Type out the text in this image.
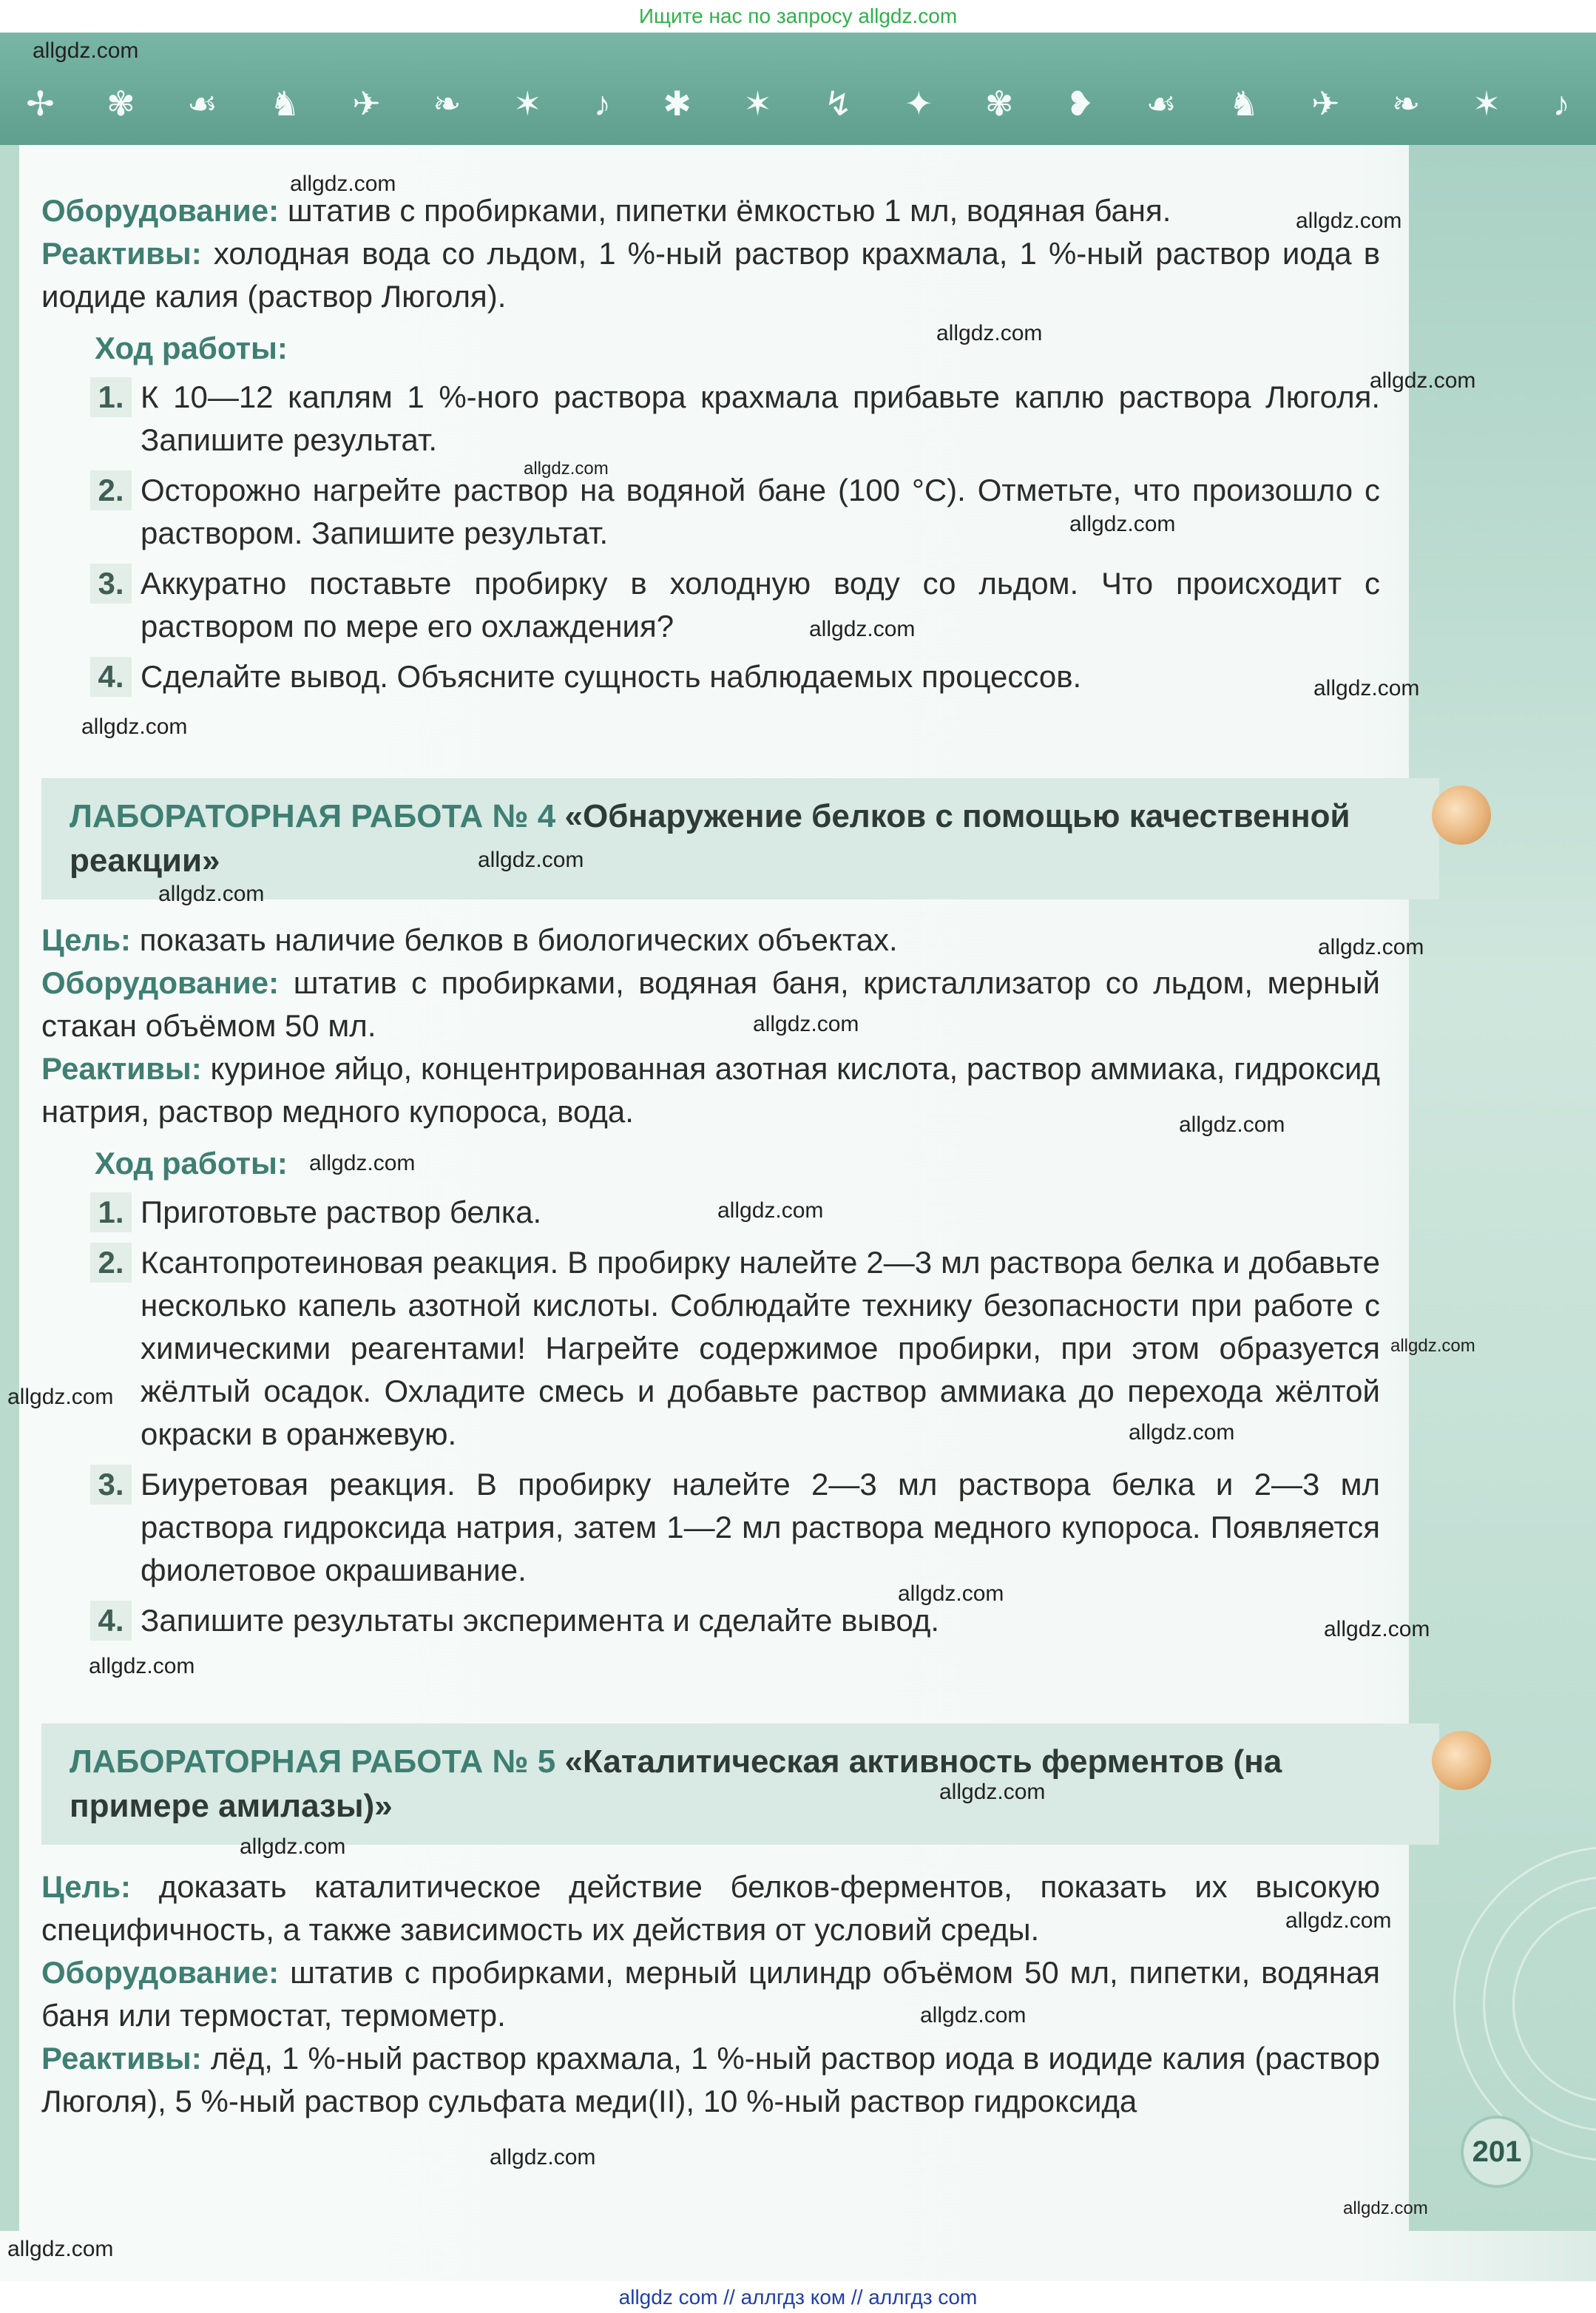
Ищите нас по запросу allgdz.com
✢ ✾ ☙ ♞ ✈ ❧ ✶ ♪ ✱ ✶ ↯ ✦ ✾ ❥ ☙ ♞ ✈ ❧ ✶ ♪

Оборудование: штатив с пробирками, пипетки ёмкостью 1 мл, водяная баня.

Реактивы: холодная вода со льдом, 1 %-ный раствор крахмала, 1 %-ный раствор иода в иодиде калия (раствор Люголя).

Ход работы:
1. К 10—12 каплям 1 %-ного раствора крахмала прибавьте каплю раствора Люголя. Запишите результат.
2. Осторожно нагрейте раствор на водяной бане (100 °C). Отметьте, что произошло с раствором. Запишите результат.
3. Аккуратно поставьте пробирку в холодную воду со льдом. Что происходит с раствором по мере его охлаждения?
4. Сделайте вывод. Объясните сущность наблюдаемых процессов.
ЛАБОРАТОРНАЯ РАБОТА № 4 «Обнаружение белков с помощью качественной реакции»

Цель: показать наличие белков в биологических объектах.

Оборудование: штатив с пробирками, водяная баня, кристаллизатор со льдом, мерный стакан объёмом 50 мл.

Реактивы: куриное яйцо, концентрированная азотная кислота, раствор аммиака, гидроксид натрия, раствор медного купороса, вода.

Ход работы:
1. Приготовьте раствор белка.
2. Ксантопротеиновая реакция. В пробирку налейте 2—3 мл раствора белка и добавьте несколько капель азотной кислоты. Соблюдайте технику безопасности при работе с химическими реагентами! Нагрейте содержимое пробирки, при этом образуется жёлтый осадок. Охладите смесь и добавьте раствор аммиака до перехода жёлтой окраски в оранжевую.
3. Биуретовая реакция. В пробирку налейте 2—3 мл раствора белка и 2—3 мл раствора гидроксида натрия, затем 1—2 мл раствора медного купороса. Появляется фиолетовое окрашивание.
4. Запишите результаты эксперимента и сделайте вывод.
ЛАБОРАТОРНАЯ РАБОТА № 5 «Каталитическая активность ферментов (на примере амилазы)»

Цель: доказать каталитическое действие белков-ферментов, показать их высокую специфичность, а также зависимость их действия от условий среды.

Оборудование: штатив с пробирками, мерный цилиндр объёмом 50 мл, пипетки, водяная баня или термостат, термометр.

Реактивы: лёд, 1 %-ный раствор крахмала, 1 %-ный раствор иода в иодиде калия (раствор Люголя), 5 %-ный раствор сульфата меди(II), 10 %-ный раствор гидроксида

201
allgdz.com
allgdz.com
allgdz.com
allgdz.com
allgdz.com
allgdz.com
allgdz.com
allgdz.com
allgdz.com
allgdz.com
allgdz.com
allgdz.com
allgdz.com
allgdz.com
allgdz.com
allgdz.com
allgdz.com
allgdz.com
allgdz.com
allgdz.com
allgdz.com
allgdz.com
allgdz.com
allgdz.com
allgdz.com
allgdz.com
allgdz.com
allgdz.com
allgdz.com
allgdz.com
allgdz com // аллгдз ком // аллгдз com
